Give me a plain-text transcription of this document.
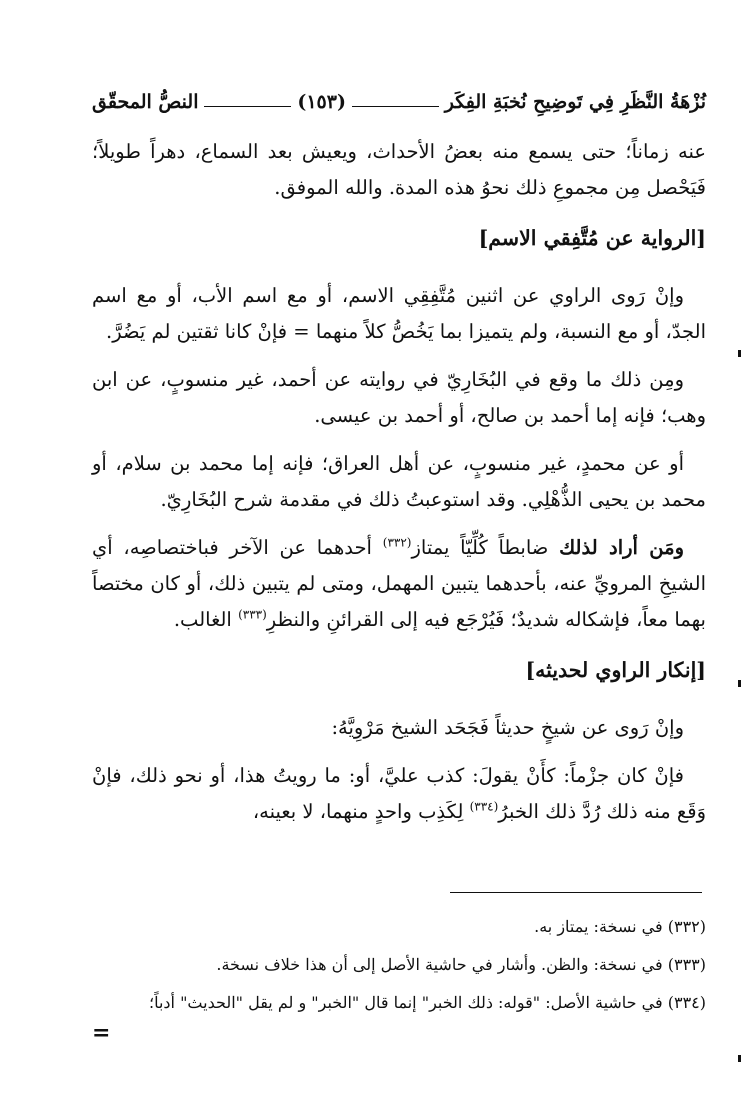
نُزْهَةُ النَّظَرِ فِي تَوضِيحِ نُخبَةِ الفِكَر
(١٥٣)
النصُّ المحقّق

عنه زماناً؛ حتى يسمع منه بعضُ الأحداث، ويعيش بعد السماع، دهراً طويلاً؛ فَيَحْصل مِن مجموعِ ذلك نحوُ هذه المدة. والله الموفق.

[الرواية عن مُتَّفِقي الاسم]

وإنْ رَوى الراوي عن اثنين مُتَّفِقِي الاسم، أو مع اسم الأب، أو مع اسم الجدّ، أو مع النسبة، ولم يتميزا بما يَخُصُّ كلاً منهما = فإنْ كانا ثقتين لم يَضُرَّ.

ومِن ذلك ما وقع في البُخَارِيّ في روايته عن أحمد، غير منسوبٍ، عن ابن وهب؛ فإنه إما أحمد بن صالح، أو أحمد بن عيسى.

أو عن محمدٍ، غير منسوبٍ، عن أهل العراق؛ فإنه إما محمد بن سلام، أو محمد بن يحيى الذُّهْلِي. وقد استوعبتُ ذلك في مقدمة شرح البُخَارِيّ.

ومَن أراد لذلك ضابطاً كُلِّيّاً يمتاز$^{(٣٣٢)}$ أحدهما عن الآخر فباختصاصِه، أي الشيخِ المرويِّ عنه، بأحدهما يتبين المهمل، ومتى لم يتبين ذلك، أو كان مختصاً بهما معاً، فإشكاله شديدٌ؛ فَيُرْجَع فيه إلى القرائنِ والنظرِ$^{(٣٣٣)}$ الغالب.

[إنكار الراوي لحديثه]

وإنْ رَوى عن شيخٍ حديثاً فَجَحَد الشيخ مَرْوِيَّهُ:

فإنْ كان جزْماً: كأَنْ يقولَ: كذب عليَّ، أو: ما رويتُ هذا، أو نحو ذلك، فإنْ وَقَع منه ذلك رُدَّ ذلك الخبرُ$^{(٣٣٤)}$ لِكَذِب واحدٍ منهما، لا بعينه،

(٣٣٢) في نسخة: يمتاز به.
(٣٣٣) في نسخة: والظن. وأشار في حاشية الأصل إلى أن هذا خلاف نسخة.
(٣٣٤) في حاشية الأصل: "قوله: ذلك الخبر" إنما قال "الخبر" و لم يقل "الحديث" أدباً؛
=
